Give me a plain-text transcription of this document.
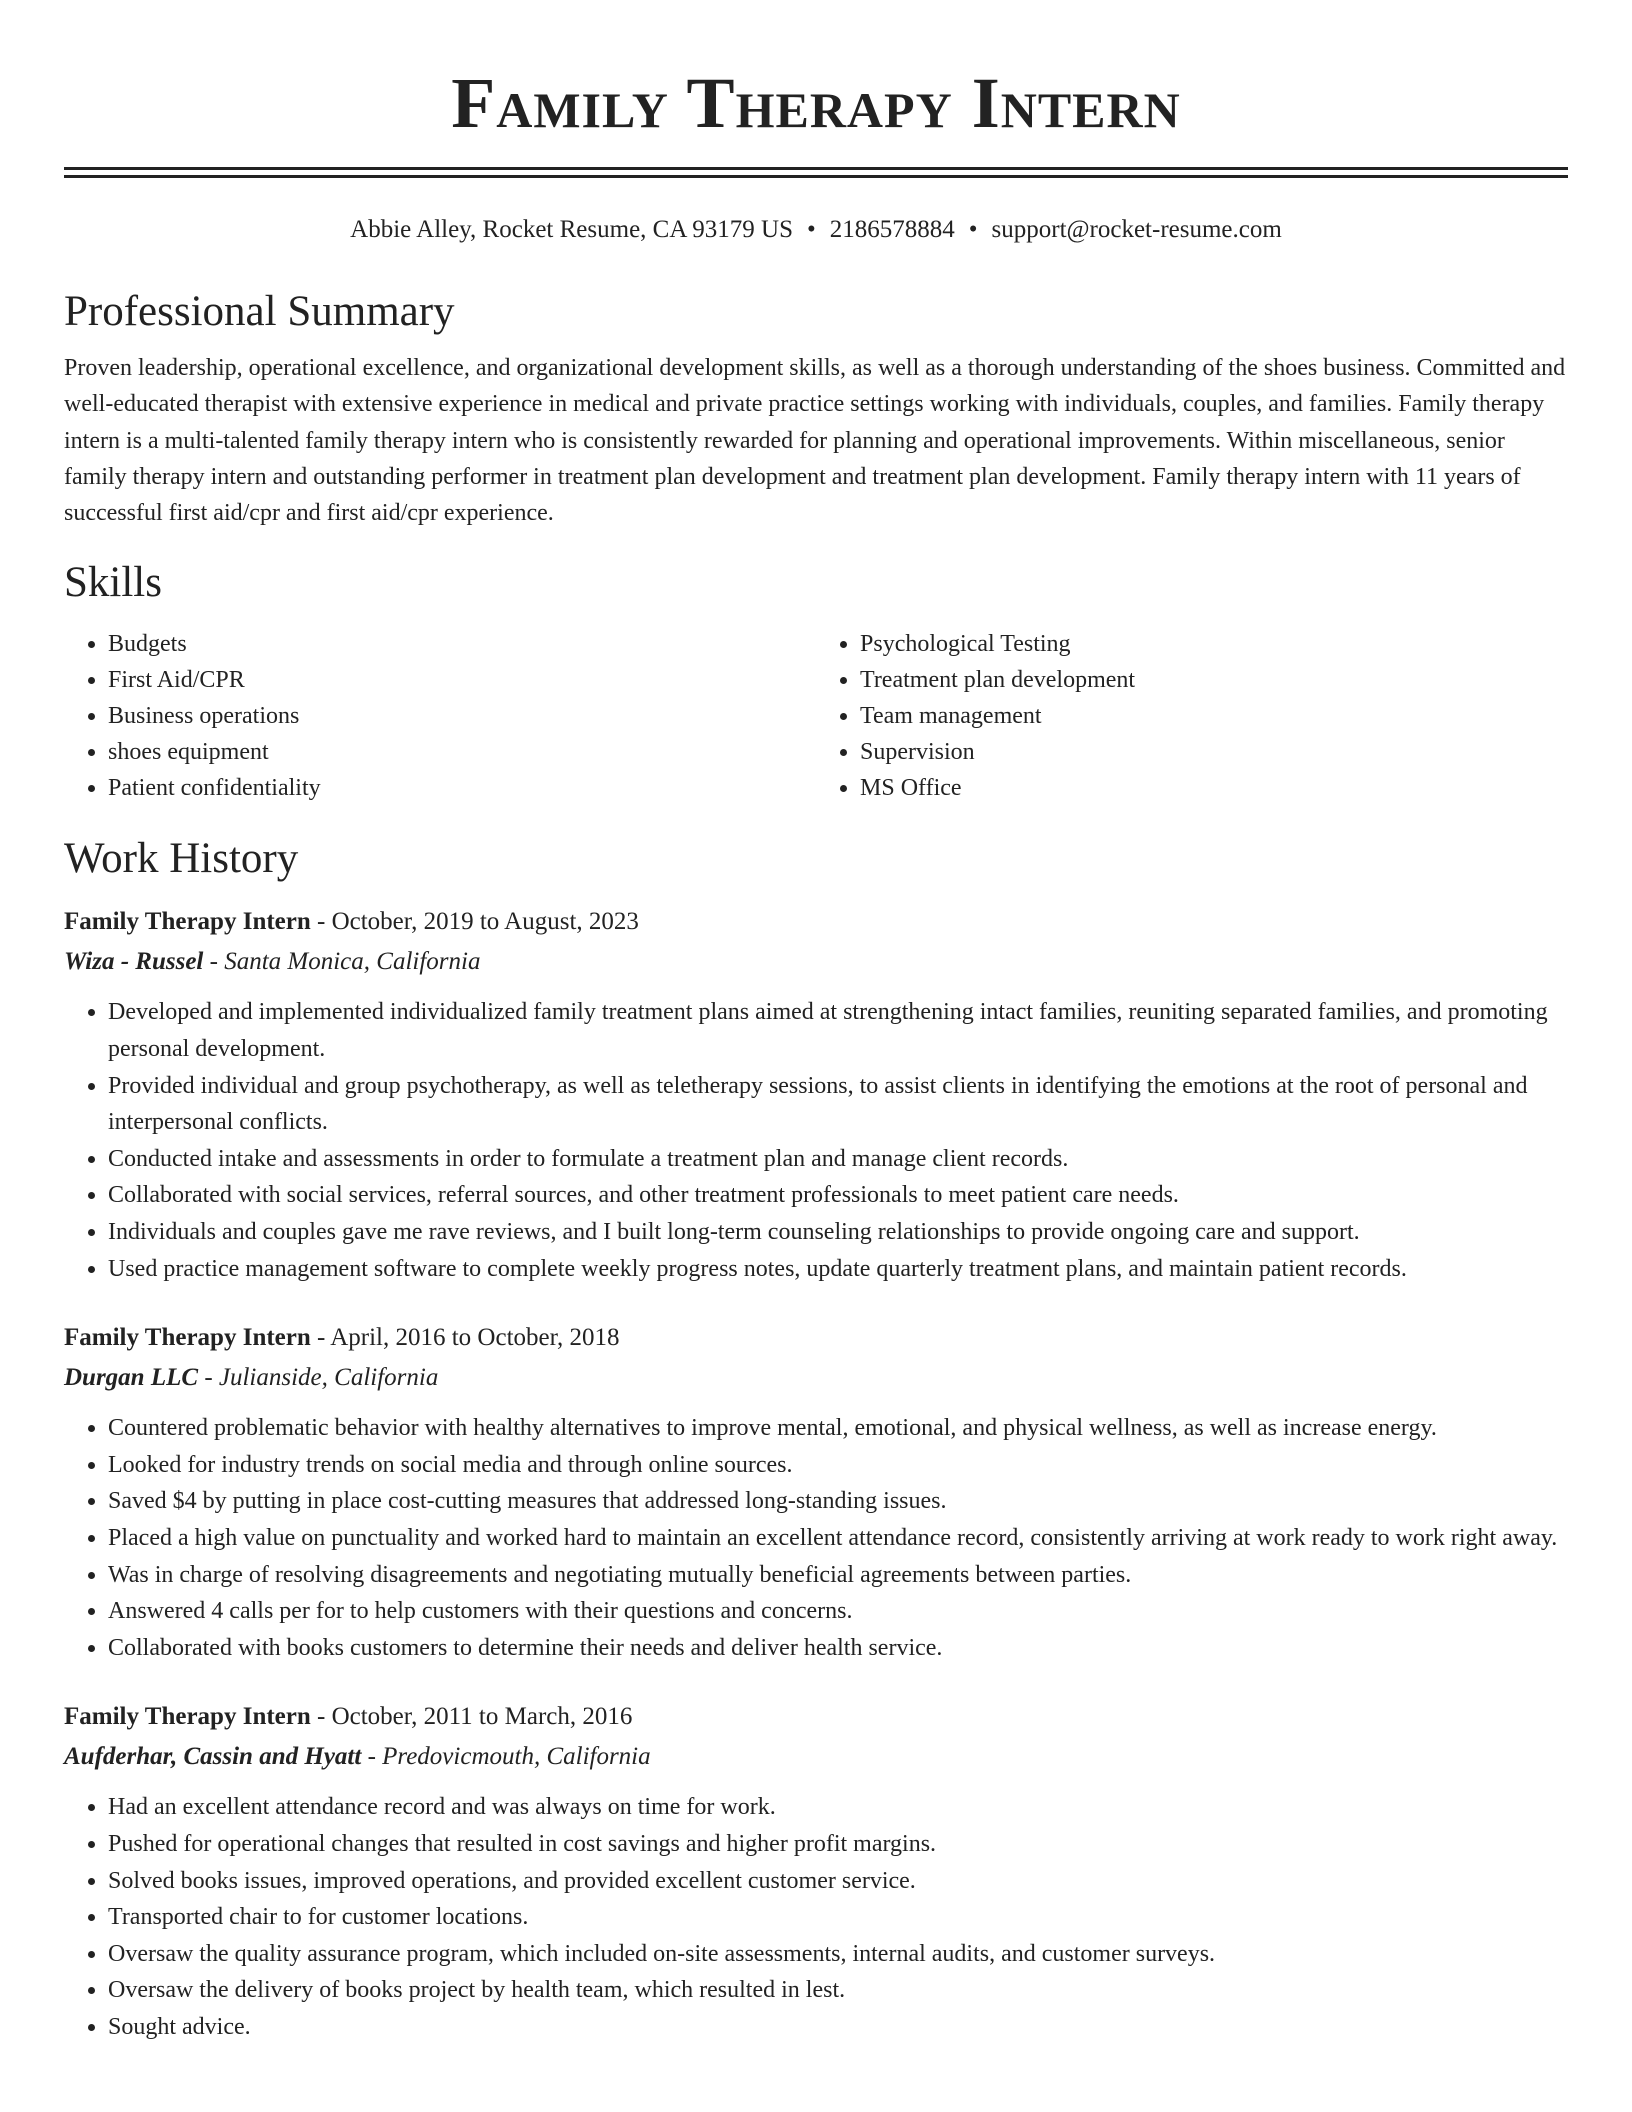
Family Therapy Intern
Abbie Alley, Rocket Resume, CA 93179 US • 2186578884 • support@rocket-resume.com
Professional Summary

Proven leadership, operational excellence, and organizational development skills, as well as a thorough understanding of the shoes business. Committed and well-educated therapist with extensive experience in medical and private practice settings working with individuals, couples, and families. Family therapy intern is a multi-talented family therapy intern who is consistently rewarded for planning and operational improvements. Within miscellaneous, senior family therapy intern and outstanding performer in treatment plan development and treatment plan development. Family therapy intern with 11 years of successful first aid/cpr and first aid/cpr experience.

Skills
• Budgets
• First Aid/CPR
• Business operations
• shoes equipment
• Patient confidentiality
• Psychological Testing
• Treatment plan development
• Team management
• Supervision
• MS Office
Work History
Family Therapy Intern - October, 2019 to August, 2023
Wiza - Russel - Santa Monica, California
• Developed and implemented individualized family treatment plans aimed at strengthening intact families, reuniting separated families, and promoting personal development.
• Provided individual and group psychotherapy, as well as teletherapy sessions, to assist clients in identifying the emotions at the root of personal and interpersonal conflicts.
• Conducted intake and assessments in order to formulate a treatment plan and manage client records.
• Collaborated with social services, referral sources, and other treatment professionals to meet patient care needs.
• Individuals and couples gave me rave reviews, and I built long-term counseling relationships to provide ongoing care and support.
• Used practice management software to complete weekly progress notes, update quarterly treatment plans, and maintain patient records.
Family Therapy Intern - April, 2016 to October, 2018
Durgan LLC - Julianside, California
• Countered problematic behavior with healthy alternatives to improve mental, emotional, and physical wellness, as well as increase energy.
• Looked for industry trends on social media and through online sources.
• Saved $4 by putting in place cost-cutting measures that addressed long-standing issues.
• Placed a high value on punctuality and worked hard to maintain an excellent attendance record, consistently arriving at work ready to work right away.
• Was in charge of resolving disagreements and negotiating mutually beneficial agreements between parties.
• Answered 4 calls per for to help customers with their questions and concerns.
• Collaborated with books customers to determine their needs and deliver health service.
Family Therapy Intern - October, 2011 to March, 2016
Aufderhar, Cassin and Hyatt - Predovicmouth, California
• Had an excellent attendance record and was always on time for work.
• Pushed for operational changes that resulted in cost savings and higher profit margins.
• Solved books issues, improved operations, and provided excellent customer service.
• Transported chair to for customer locations.
• Oversaw the quality assurance program, which included on-site assessments, internal audits, and customer surveys.
• Oversaw the delivery of books project by health team, which resulted in lest.
• Sought advice.
